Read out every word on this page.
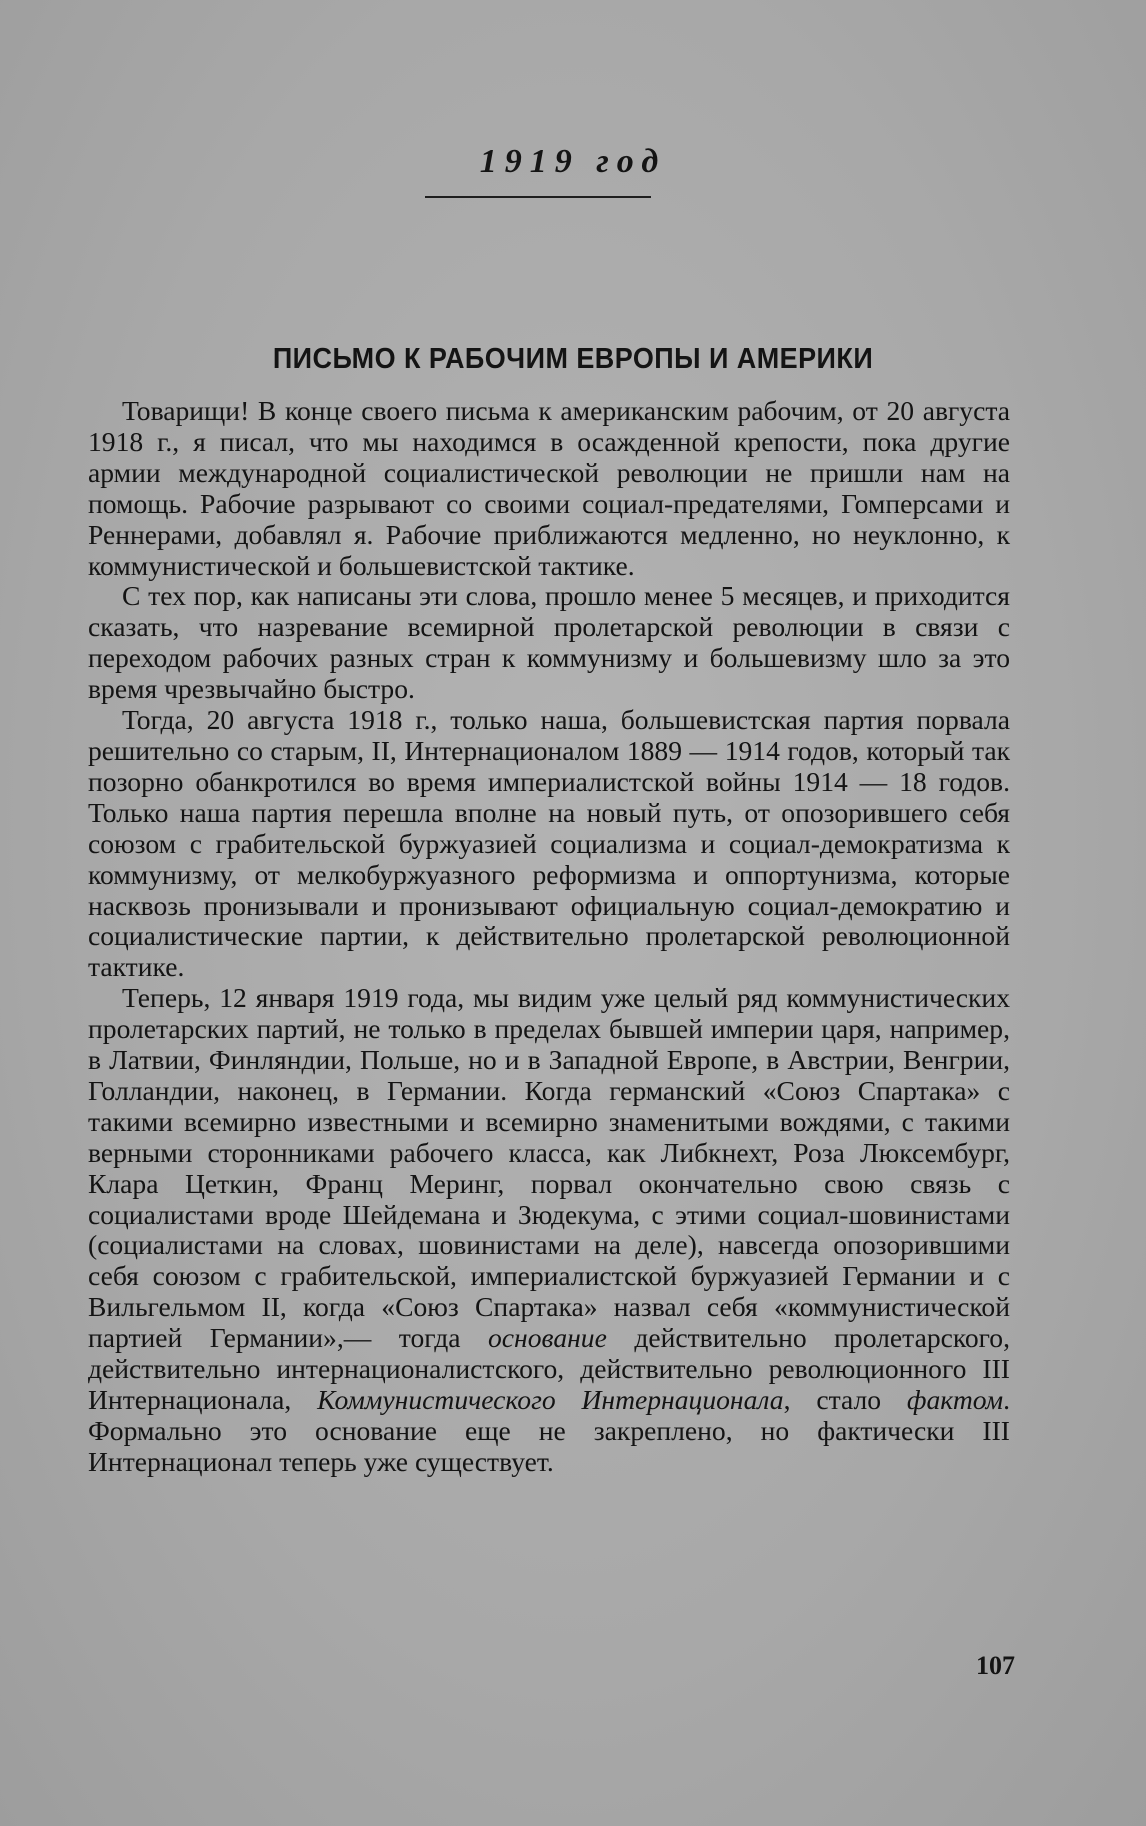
1919 год
ПИСЬМО К РАБОЧИМ ЕВРОПЫ И АМЕРИКИ

Товарищи! В конце своего письма к американским рабочим, от 20 августа 1918 г., я писал, что мы находимся в осажденной крепости, пока другие армии международной социалистической революции не пришли нам на помощь. Рабочие разрывают со своими социал-предателями, Гомперсами и Реннерами, добавлял я. Рабочие приближаются медленно, но неуклонно, к коммунистической и большевистской тактике.

С тех пор, как написаны эти слова, прошло менее 5 месяцев, и приходится сказать, что назревание всемирной пролетарской революции в связи с переходом рабочих разных стран к коммунизму и большевизму шло за это время чрезвычайно быстро.

Тогда, 20 августа 1918 г., только наша, большевистская партия порвала решительно со старым, II, Интернационалом 1889 — 1914 годов, который так позорно обанкротился во время империалистской войны 1914 — 18 годов. Только наша партия перешла вполне на новый путь, от опозорившего себя союзом с грабительской буржуазией социализма и социал-демократизма к коммунизму, от мелкобуржуазного реформизма и оппортунизма, которые насквозь пронизывали и пронизывают официальную социал-демократию и социалистические партии, к действительно пролетарской революционной тактике.

Теперь, 12 января 1919 года, мы видим уже целый ряд коммунистических пролетарских партий, не только в пределах бывшей империи царя, например, в Латвии, Финляндии, Польше, но и в Западной Европе, в Австрии, Венгрии, Голландии, наконец, в Германии. Когда германский «Союз Спартака» с такими всемирно известными и всемирно знаменитыми вождями, с такими верными сторонниками рабочего класса, как Либкнехт, Роза Люксембург, Клара Цеткин, Франц Меринг, порвал окончательно свою связь с социалистами вроде Шейдемана и Зюдекума, с этими социал-шовинистами (социалистами на словах, шовинистами на деле), навсегда опозорившими себя союзом с грабительской, империалистской буржуазией Германии и с Вильгельмом II, когда «Союз Спартака» назвал себя «коммунистической партией Германии»,— тогда основание действительно пролетарского, действительно интернационалистского, действительно революционного III Интернационала, Коммунистического Интернационала, стало фактом. Формально это основание еще не закреплено, но фактически III Интернационал теперь уже существует.

107
